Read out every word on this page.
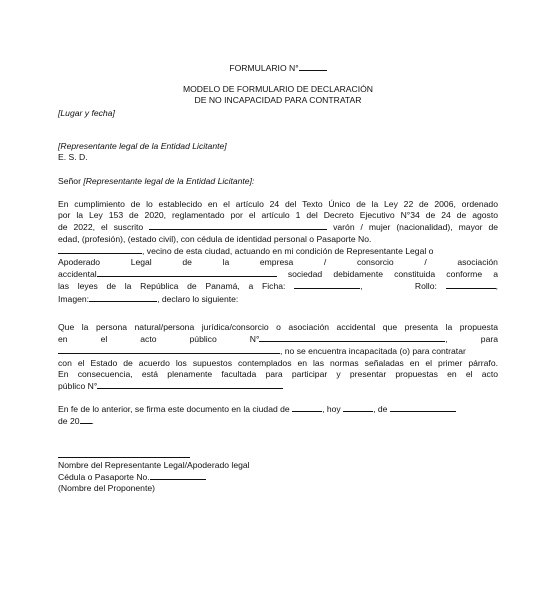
FORMULARIO N°
MODELO DE FORMULARIO DE DECLARACIÓN
DE NO INCAPACIDAD PARA CONTRATAR
[Lugar y fecha]
[Representante legal de la Entidad Licitante]
E. S. D.
Señor [Representante legal de la Entidad Licitante]:
En cumplimiento de lo establecido en el artículo 24 del Texto Único de la Ley 22 de 2006, ordenado
por la Ley 153 de 2020, reglamentado por el artículo 1 del Decreto Ejecutivo N°34 de 24 de agosto
de 2022, el suscrito	varón / mujer (nacionalidad), mayor de
edad, (profesión), (estado civil), con cédula de identidad personal o Pasaporte No.
, vecino de esta ciudad, actuando en mi condición de Representante Legal o
Apoderado	Legal	de	la	empresa	/	consorcio	/	asociación
accidental	sociedad debidamente constituida conforme a
las leyes de la República de Panamá, a Ficha:	,	Rollo:	,
Imagen:	, declaro lo siguiente:
Que la persona natural/persona jurídica/consorcio o asociación accidental que presenta la propuesta
en	el	acto	público	N°	,	para
, no se encuentra incapacitada (o) para contratar
con el Estado de acuerdo los supuestos contemplados en las normas señaladas en el primer párrafo.
En consecuencia, está plenamente facultada para participar y presentar propuestas en el acto
público N°
En fe de lo anterior, se firma este documento en la ciudad de	, hoy	, de
de 20 .
Nombre del Representante Legal/Apoderado legal
Cédula o Pasaporte No.
(Nombre del Proponente)
